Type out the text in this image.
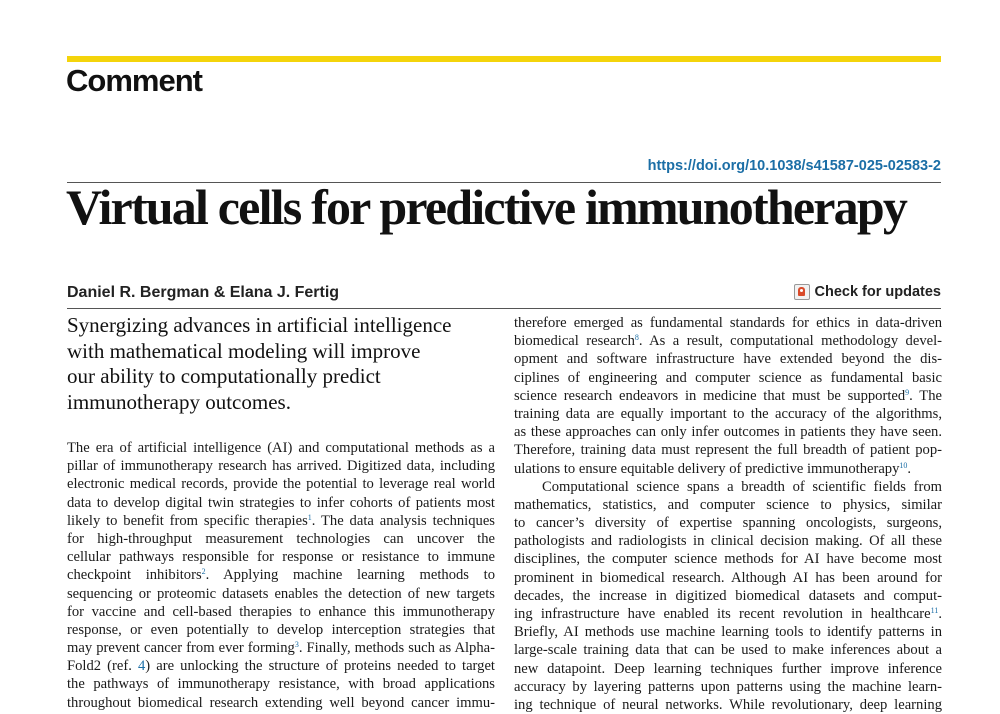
Comment
https://doi.org/10.1038/s41587-025-02583-2
Virtual cells for predictive immunotherapy
Daniel R. Bergman & Elana J. Fertig	Check for updates
Synergizing advances in artificial intelligence
with mathematical modeling will improve
our ability to computationally predict
immunotherapy outcomes.
The era of artificial intelligence (AI) and computational methods as a
pillar of immunotherapy research has arrived. Digitized data, including
electronic medical records, provide the potential to leverage real world
data to develop digital twin strategies to infer cohorts of patients most
likely to benefit from specific therapies$^1$. The data analysis techniques
for high-throughput measurement technologies can uncover the
cellular pathways responsible for response or resistance to immune
checkpoint inhibitors$^2$. Applying machine learning methods to
sequencing or proteomic datasets enables the detection of new targets
for vaccine and cell-based therapies to enhance this immunotherapy
response, or even potentially to develop interception strategies that
may prevent cancer from ever forming$^3$. Finally, methods such as Alpha-
Fold2 (ref. 4) are unlocking the structure of proteins needed to target
the pathways of immunotherapy resistance, with broad applications
throughout biomedical research extending well beyond cancer immu-
therefore emerged as fundamental standards for ethics in data-driven
biomedical research$^8$. As a result, computational methodology devel-
opment and software infrastructure have extended beyond the dis-
ciplines of engineering and computer science as fundamental basic
science research endeavors in medicine that must be supported$^9$. The
training data are equally important to the accuracy of the algorithms,
as these approaches can only infer outcomes in patients they have seen.
Therefore, training data must represent the full breadth of patient pop-
ulations to ensure equitable delivery of predictive immunotherapy$^{10}$.
Computational science spans a breadth of scientific fields from
mathematics, statistics, and computer science to physics, similar
to cancer’s diversity of expertise spanning oncologists, surgeons,
pathologists and radiologists in clinical decision making. Of all these
disciplines, the computer science methods for AI have become most
prominent in biomedical research. Although AI has been around for
decades, the increase in digitized biomedical datasets and comput-
ing infrastructure have enabled its recent revolution in healthcare$^{11}$.
Briefly, AI methods use machine learning tools to identify patterns in
large-scale training data that can be used to make inferences about a
new datapoint. Deep learning techniques further improve inference
accuracy by layering patterns upon patterns using the machine learn-
ing technique of neural networks. While revolutionary, deep learning
